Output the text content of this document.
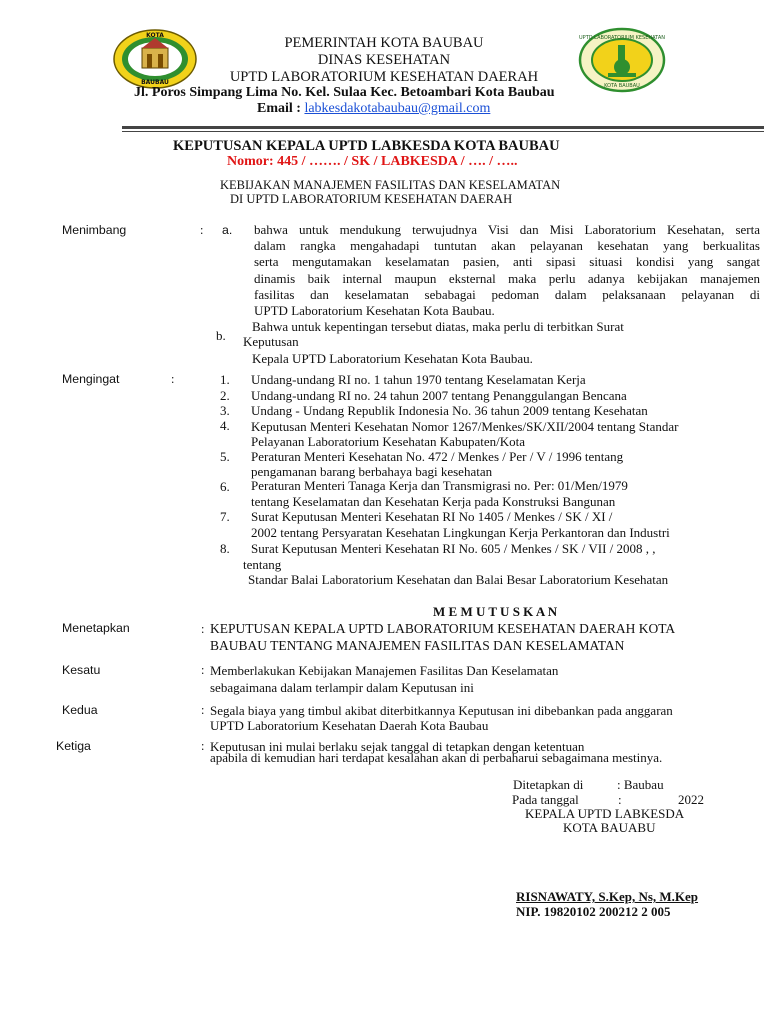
KOTA
BAUBAU
UPTD LABORATORIUM KESEHATAN
KOTA BAUBAU
PEMERINTAH KOTA BAUBAU
DINAS KESEHATAN
UPTD LABORATORIUM KESEHATAN DAERAH
Jl. Poros Simpang Lima No. Kel. Sulaa Kec. Betoambari Kota Baubau
Email : labkesdakotabaubau@gmail.com
KEPUTUSAN KEPALA UPTD LABKESDA KOTA BAUBAU
Nomor: 445 / ……. / SK / LABKESDA / …. / …..
KEBIJAKAN MANAJEMEN FASILITAS DAN KESELAMATAN
DI UPTD LABORATORIUM KESEHATAN DAERAH
Menimbang	: a. bahwa untuk mendukung terwujudnya Visi dan Misi Laboratorium Kesehatan, serta
dalam rangka mengahadapi tuntutan akan pelayanan kesehatan yang berkualitas
serta mengutamakan keselamatan pasien, anti sipasi situasi kondisi yang sangat
dinamis baik internal maupun eksternal maka perlu adanya kebijakan manajemen
fasilitas dan keselamatan sebabagai pedoman dalam pelaksanaan pelayanan di
UPTD Laboratorium Kesehatan Kota Baubau.
b.
Bahwa untuk kepentingan tersebut diatas, maka perlu di terbitkan Surat
Keputusan
Kepala UPTD Laboratorium Kesehatan Kota Baubau.
Mengingat	:	1. Undang-undang RI no. 1 tahun 1970 tentang Keselamatan Kerja
2. Undang-undang RI no. 24 tahun 2007 tentang Penanggulangan Bencana
3. Undang - Undang Republik Indonesia No. 36 tahun 2009 tentang Kesehatan
4. Keputusan Menteri Kesehatan Nomor 1267/Menkes/SK/XII/2004 tentang Standar
Pelayanan Laboratorium Kesehatan Kabupaten/Kota
5. Peraturan Menteri Kesehatan No. 472 / Menkes / Per / V / 1996 tentang
pengamanan barang berbahaya bagi kesehatan
6. Peraturan Menteri Tanaga Kerja dan Transmigrasi no. Per: 01/Men/1979
tentang Keselamatan dan Kesehatan Kerja pada Konstruksi Bangunan
7. Surat Keputusan Menteri Kesehatan RI No 1405 / Menkes / SK / XI /
2002 tentang Persyaratan Kesehatan Lingkungan Kerja Perkantoran dan Industri
8. Surat Keputusan Menteri Kesehatan RI No. 605 / Menkes / SK / VII / 2008 , ,
tentang
Standar Balai Laboratorium Kesehatan dan Balai Besar Laboratorium Kesehatan
M E M U T U S K A N
Menetapkan	: KEPUTUSAN KEPALA UPTD LABORATORIUM KESEHATAN DAERAH KOTA
BAUBAU TENTANG MANAJEMEN FASILITAS DAN KESELAMATAN
Kesatu	: Memberlakukan Kebijakan Manajemen Fasilitas Dan Keselamatan
sebagaimana dalam terlampir dalam Keputusan ini
Kedua	: Segala biaya yang timbul akibat diterbitkannya Keputusan ini dibebankan pada anggaran
UPTD Laboratorium Kesehatan Daerah Kota Baubau
Ketiga	: Keputusan ini mulai berlaku sejak tanggal di tetapkan dengan ketentuan
apabila di kemudian hari terdapat kesalahan akan di perbaharui sebagaimana mestinya.
Ditetapkan di	: Baubau
Pada tanggal	:	2022
KEPALA UPTD LABKESDA
KOTA BAUABU
RISNAWATY, S.Kep, Ns, M.Kep
NIP. 19820102 200212 2 005
